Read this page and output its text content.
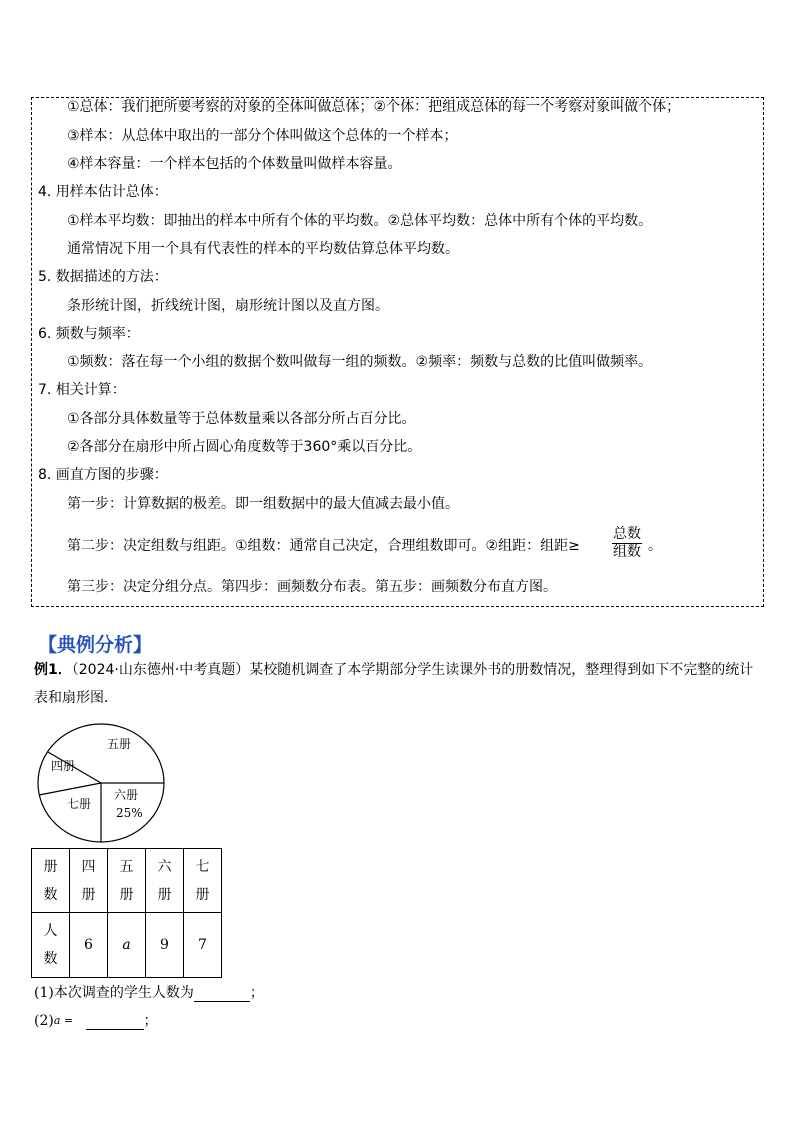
①总体：我们把所要考察的对象的全体叫做总体；②个体：把组成总体的每一个考察对象叫做个体；
③样本：从总体中取出的一部分个体叫做这个总体的一个样本；
④样本容量：一个样本包括的个体数量叫做样本容量。
4. 用样本估计总体：
①样本平均数：即抽出的样本中所有个体的平均数。②总体平均数：总体中所有个体的平均数。
通常情况下用一个具有代表性的样本的平均数估算总体平均数。
5. 数据描述的方法：
条形统计图，折线统计图，扇形统计图以及直方图。
6. 频数与频率：
①频数：落在每一个小组的数据个数叫做每一组的频数。②频率：频数与总数的比值叫做频率。
7. 相关计算：
①各部分具体数量等于总体数量乘以各部分所占百分比。
②各部分在扇形中所占圆心角度数等于360°乘以百分比。
8. 画直方图的步骤：
第一步：计算数据的极差。即一组数据中的最大值减去最小值。
第二步：决定组数与组距。①组数：通常自己决定，合理组数即可。②组距：组距≥
总数
组数 。
第三步：决定分组分点。第四步：画频数分布表。第五步：画频数分布直方图。
【典例分析】
例1．（2024·山东德州·中考真题）某校随机调查了本学期部分学生读课外书的册数情况，整理得到如下不完整的统计
表和扇形图．
五册
四册
七册
六册
25%
册数	四册	五册	六册	七册
人数	6	a	9	7
(1)本次调查的学生人数为	；
$(2)^a$ =	；
